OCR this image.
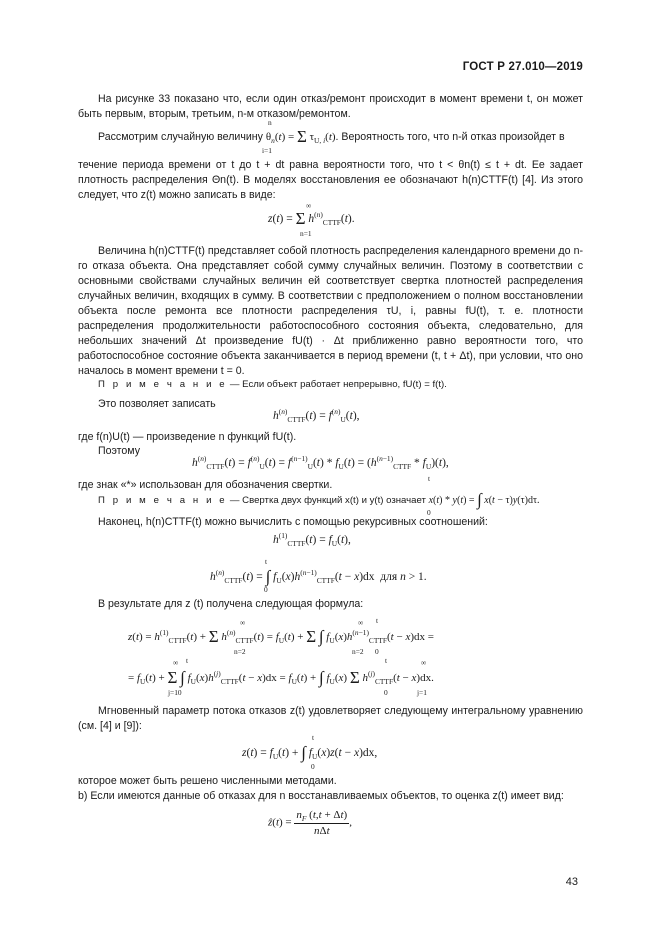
ГОСТ Р 27.010—2019
На рисунке 33 показано что, если один отказ/ремонт происходит в момент времени t, он может быть первым, вторым, третьим, n-м отказом/ремонтом.
Рассмотрим случайную величину $\theta_n(t) = \Sigma$ $\tau_{U, i}(t)$. Вероятность того, что n-й отказ произойдет в
n
i=1
течение периода времени от t до t + dt равна вероятности того, что t < θn(t) ≤ t + dt. Ее задает плотность распределения Θn(t). В моделях восстановления ее обозначают h(n)CTTF(t) [4]. Из этого следует, что z(t) можно записать в виде:
z(t) = Σ $h^{(n)}_{CTTF}(t)$.
∞
n=1
Величина h(n)CTTF(t) представляет собой плотность распределения календарного времени до n-го отказа объекта. Она представляет собой сумму случайных величин. Поэтому в соответствии с основными свойствами случайных величин ей соответствует свертка плотностей распределения случайных величин, входящих в сумму. В соответствии с предположением о полном восстановлении объекта после ремонта все плотности распределения τU, i, равны fU(t), т. е. плотности распределения продолжительности работоспособного состояния объекта, следовательно, для небольших значений Δt произведение fU(t) · Δt приближенно равно вероятности того, что работоспособное состояние объекта заканчивается в период времени (t, t + Δt), при условии, что оно началось в момент времени t = 0.
П р и м е ч а н и е — Если объект работает непрерывно, fU(t) = f(t).
Это позволяет записать
$h^{(n)}_{CTTF}(t) = f^{(n)}_U(t)$,
где f(n)U(t) — произведение n функций fU(t).
Поэтому
$h^{(n)}_{CTTF}(t) = f^{(n)}_U(t) = f^{(n-1)}_U(t) * f_U(t) = (h^{(n-1)}_{CTTF} * f_U)(t)$,
где знак «*» использован для обозначения свертки.
П р и м е ч а н и е — Свертка двух функций x(t) и y(t) означает x(t) * y(t) = ∫ x(t − τ)y(τ)dτ.
t
0
Наконец, h(n)CTTF(t) можно вычислить с помощью рекурсивных соотношений:
$h^{(1)}_{CTTF}(t) = f_U(t)$,
$h^{(n)}_{CTTF}(t)$ = ∫ $f_U(x)h^{(n-1)}_{CTTF}(t - x)dx$  для n > 1.
t
0
В результате для z (t) получена следующая формула:
$z(t) = h^{(1)}_{CTTF}(t) + \Sigma$ $h^{(n)}_{CTTF}(t) = f_U(t) + \Sigma$ ∫ $f_U(x)h^{(n-1)}_{CTTF}(t - x)dx$ =
∞
n=2
∞
n=2
t
0
= $f_U(t) + \Sigma$ ∫ $f_U(x)h^{(j)}_{CTTF}(t - x)dx = f_U(t)$ + ∫ $f_U(x)$ Σ $h^{(j)}_{CTTF}(t - x)dx$.
∞
j=10
t	t
0
∞
j=1
Мгновенный параметр потока отказов z(t) удовлетворяет следующему интегральному уравнению (см. [4] и [9]):
$z(t) = f_U(t)$ + ∫ $f_U(x)z(t - x)dx$,
t
0
которое может быть решено численными методами.
b) Если имеются данные об отказах для n восстанавливаемых объектов, то оценка z(t) имеет вид:
ẑ(t) = $\frac{n_F (t,t + \Delta t)}{\text{nΔt}}$ ,
43
